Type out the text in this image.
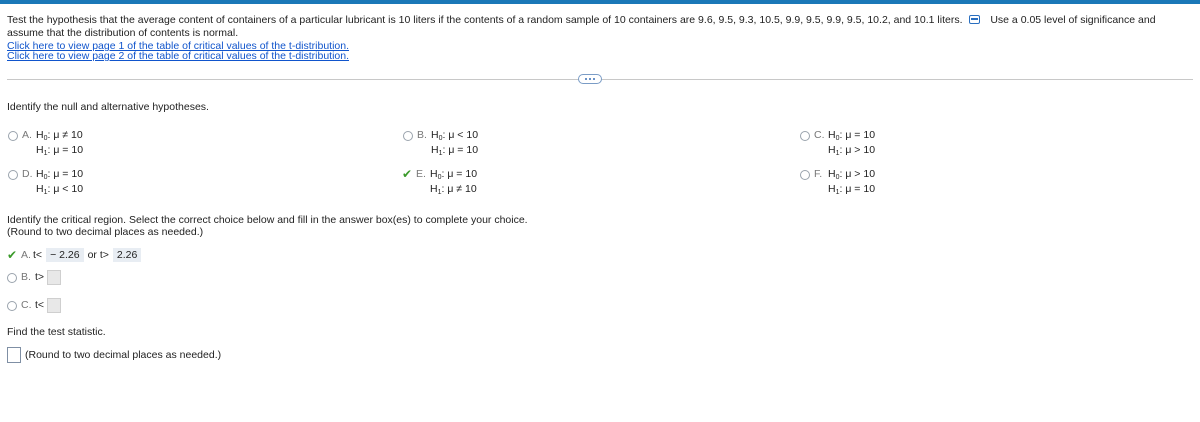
Test the hypothesis that the average content of containers of a particular lubricant is 10 liters if the contents of a random sample of 10 containers are 9.6, 9.5, 9.3, 10.5, 9.9, 9.5, 9.9, 9.5, 10.2, and 10.1 liters.	Use a 0.05 level of significance and assume that the distribution of contents is normal.
Click here to view page 1 of the table of critical values of the t-distribution.
Click here to view page 2 of the table of critical values of the t-distribution.
Identify the null and alternative hypotheses.
A. $H_0$: μ ≠ 10
$H_1$: μ = 10
B. $H_0$: μ < 10
$H_1$: μ = 10
C. $H_0$: μ = 10
$H_1$: μ > 10
D. $H_0$: μ = 10
$H_1$: μ < 10
✔ E. $H_0$: μ = 10
$H_1$: μ ≠ 10
F. $H_0$: μ > 10
$H_1$: μ = 10
Identify the critical region. Select the correct choice below and fill in the answer box(es) to complete your choice.
(Round to two decimal places as needed.)
✔ A. t< − 2.26 or t> 2.26
B. t>
C. t<
Find the test statistic.
(Round to two decimal places as needed.)
